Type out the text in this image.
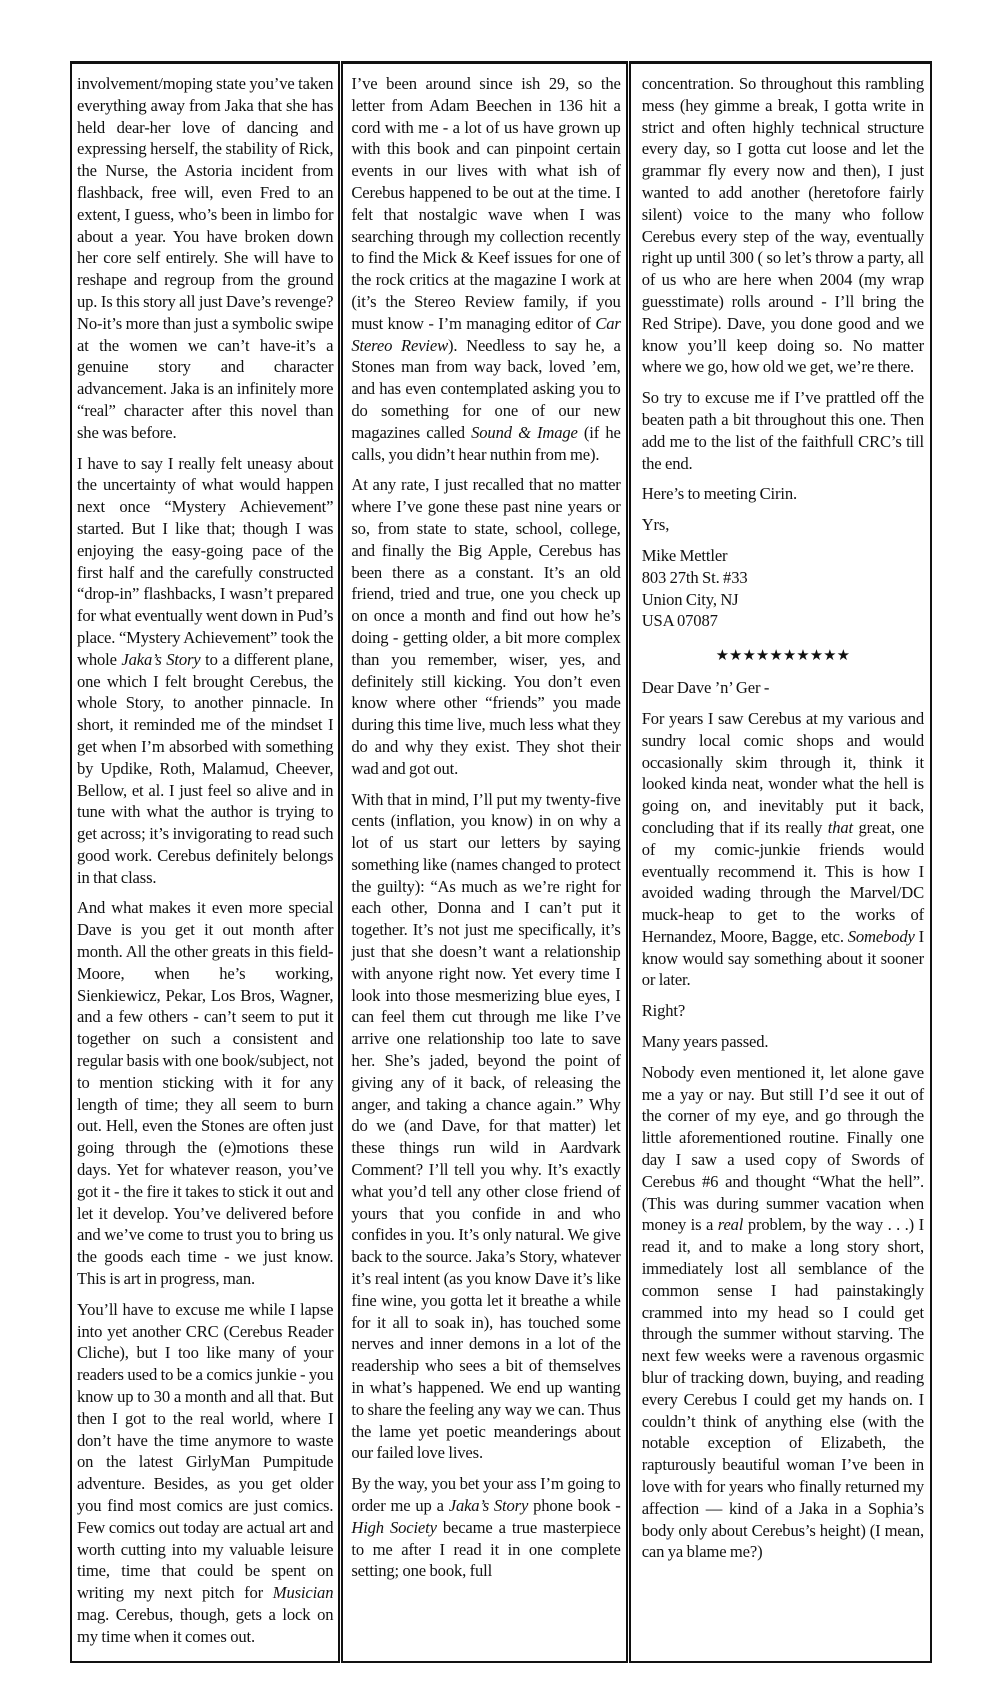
involvement/moping state you’ve taken everything away from Jaka that she has held dear-her love of dancing and expressing herself, the stability of Rick, the Nurse, the Astoria incident from flashback, free will, even Fred to an extent, I guess, who’s been in limbo for about a year. You have broken down her core self entirely. She will have to reshape and regroup from the ground up. Is this story all just Dave’s revenge? No-it’s more than just a symbolic swipe at the women we can’t have-it’s a genuine story and character advancement. Jaka is an infinitely more “real” character after this novel than she was before.

I have to say I really felt uneasy about the uncertainty of what would happen next once “Mystery Achievement” started. But I like that; though I was enjoying the easy-going pace of the first half and the carefully constructed “drop-in” flashbacks, I wasn’t prepared for what eventually went down in Pud’s place. “Mystery Achievement” took the whole Jaka’s Story to a different plane, one which I felt brought Cerebus, the whole Story, to another pinnacle. In short, it reminded me of the mindset I get when I’m absorbed with something by Updike, Roth, Malamud, Cheever, Bellow, et al. I just feel so alive and in tune with what the author is trying to get across; it’s invigorating to read such good work. Cerebus definitely belongs in that class.

And what makes it even more special Dave is you get it out month after month. All the other greats in this field-Moore, when he’s working, Sienkiewicz, Pekar, Los Bros, Wagner, and a few others - can’t seem to put it together on such a consistent and regular basis with one book/subject, not to mention sticking with it for any length of time; they all seem to burn out. Hell, even the Stones are often just going through the (e)motions these days. Yet for whatever reason, you’ve got it - the fire it takes to stick it out and let it develop. You’ve delivered before and we’ve come to trust you to bring us the goods each time - we just know. This is art in progress, man.

You’ll have to excuse me while I lapse into yet another CRC (Cerebus Reader Cliche), but I too like many of your readers used to be a comics junkie - you know up to 30 a month and all that. But then I got to the real world, where I don’t have the time anymore to waste on the latest GirlyMan Pumpitude adventure. Besides, as you get older you find most comics are just comics. Few comics out today are actual art and worth cutting into my valuable leisure time, time that could be spent on writing my next pitch for Musician mag. Cerebus, though, gets a lock on my time when it comes out.

I’ve been around since ish 29, so the letter from Adam Beechen in 136 hit a cord with me - a lot of us have grown up with this book and can pinpoint certain events in our lives with what ish of Cerebus happened to be out at the time. I felt that nostalgic wave when I was searching through my collection recently to find the Mick & Keef issues for one of the rock critics at the magazine I work at (it’s the Stereo Review family, if you must know - I’m managing editor of Car Stereo Review). Needless to say he, a Stones man from way back, loved ’em, and has even contemplated asking you to do something for one of our new magazines called Sound & Image (if he calls, you didn’t hear nuthin from me).

At any rate, I just recalled that no matter where I’ve gone these past nine years or so, from state to state, school, college, and finally the Big Apple, Cerebus has been there as a constant. It’s an old friend, tried and true, one you check up on once a month and find out how he’s doing - getting older, a bit more complex than you remember, wiser, yes, and definitely still kicking. You don’t even know where other “friends” you made during this time live, much less what they do and why they exist. They shot their wad and got out.

With that in mind, I’ll put my twenty-five cents (inflation, you know) in on why a lot of us start our letters by saying something like (names changed to protect the guilty): “As much as we’re right for each other, Donna and I can’t put it together. It’s not just me specifically, it’s just that she doesn’t want a relationship with anyone right now. Yet every time I look into those mesmerizing blue eyes, I can feel them cut through me like I’ve arrive one relationship too late to save her. She’s jaded, beyond the point of giving any of it back, of releasing the anger, and taking a chance again.” Why do we (and Dave, for that matter) let these things run wild in Aardvark Comment? I’ll tell you why. It’s exactly what you’d tell any other close friend of yours that you confide in and who confides in you. It’s only natural. We give back to the source. Jaka’s Story, whatever it’s real intent (as you know Dave it’s like fine wine, you gotta let it breathe a while for it all to soak in), has touched some nerves and inner demons in a lot of the readership who sees a bit of themselves in what’s happened. We end up wanting to share the feeling any way we can. Thus the lame yet poetic meanderings about our failed love lives.

By the way, you bet your ass I’m going to order me up a Jaka’s Story phone book - High Society became a true masterpiece to me after I read it in one complete setting; one book, full

concentration. So throughout this rambling mess (hey gimme a break, I gotta write in strict and often highly technical structure every day, so I gotta cut loose and let the grammar fly every now and then), I just wanted to add another (heretofore fairly silent) voice to the many who follow Cerebus every step of the way, eventually right up until 300 ( so let’s throw a party, all of us who are here when 2004 (my wrap guesstimate) rolls around - I’ll bring the Red Stripe). Dave, you done good and we know you’ll keep doing so. No matter where we go, how old we get, we’re there.

So try to excuse me if I’ve prattled off the beaten path a bit throughout this one. Then add me to the list of the faithfull CRC’s till the end.

Here’s to meeting Cirin.

Yrs,

Mike Mettler

803 27th St. #33

Union City, NJ

USA 07087

★★★★★★★★★★

Dear Dave ’n’ Ger -

For years I saw Cerebus at my various and sundry local comic shops and would occasionally skim through it, think it looked kinda neat, wonder what the hell is going on, and inevitably put it back, concluding that if its really that great, one of my comic-junkie friends would eventually recommend it. This is how I avoided wading through the Marvel/DC muck-heap to get to the works of Hernandez, Moore, Bagge, etc. Somebody I know would say something about it sooner or later.

Right?

Many years passed.

Nobody even mentioned it, let alone gave me a yay or nay. But still I’d see it out of the corner of my eye, and go through the little aforementioned routine. Finally one day I saw a used copy of Swords of Cerebus #6 and thought “What the hell”. (This was during summer vacation when money is a real problem, by the way . . .) I read it, and to make a long story short, immediately lost all semblance of the common sense I had painstakingly crammed into my head so I could get through the summer without starving. The next few weeks were a ravenous orgasmic blur of tracking down, buying, and reading every Cerebus I could get my hands on. I couldn’t think of anything else (with the notable exception of Elizabeth, the rapturously beautiful woman I’ve been in love with for years who finally returned my affection — kind of a Jaka in a Sophia’s body only about Cerebus’s height) (I mean, can ya blame me?)
